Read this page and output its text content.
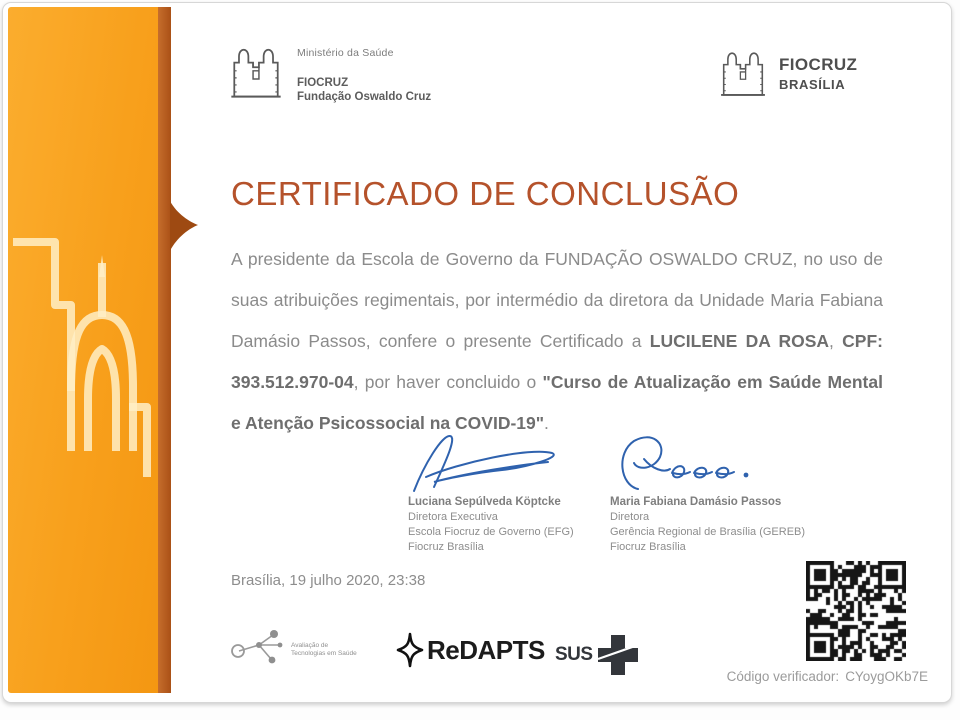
Ministério da Saúde
FIOCRUZ
Fundação Oswaldo Cruz
FIOCRUZ
BRASÍLIA
CERTIFICADO DE CONCLUSÃO

A presidente da Escola de Governo da FUNDAÇÃO OSWALDO CRUZ, no uso de suas atribuições regimentais, por intermédio da diretora da Unidade Maria Fabiana Damásio Passos, confere o presente Certificado a LUCILENE DA ROSA, CPF: 393.512.970-04, por haver concluido o "Curso de Atualização em Saúde Mental e Atenção Psicossocial na COVID-19".

Luciana Sepúlveda Köptcke
Diretora Executiva
Escola Fiocruz de Governo (EFG)
Fiocruz Brasília
Maria Fabiana Damásio Passos
Diretora
Gerência Regional de Brasília (GEREB)
Fiocruz Brasília
Brasília, 19 julho 2020, 23:38
Avaliação de
Tecnologias em Saúde	ReDAPTS SUS
Código verificador: CYoygOKb7E
